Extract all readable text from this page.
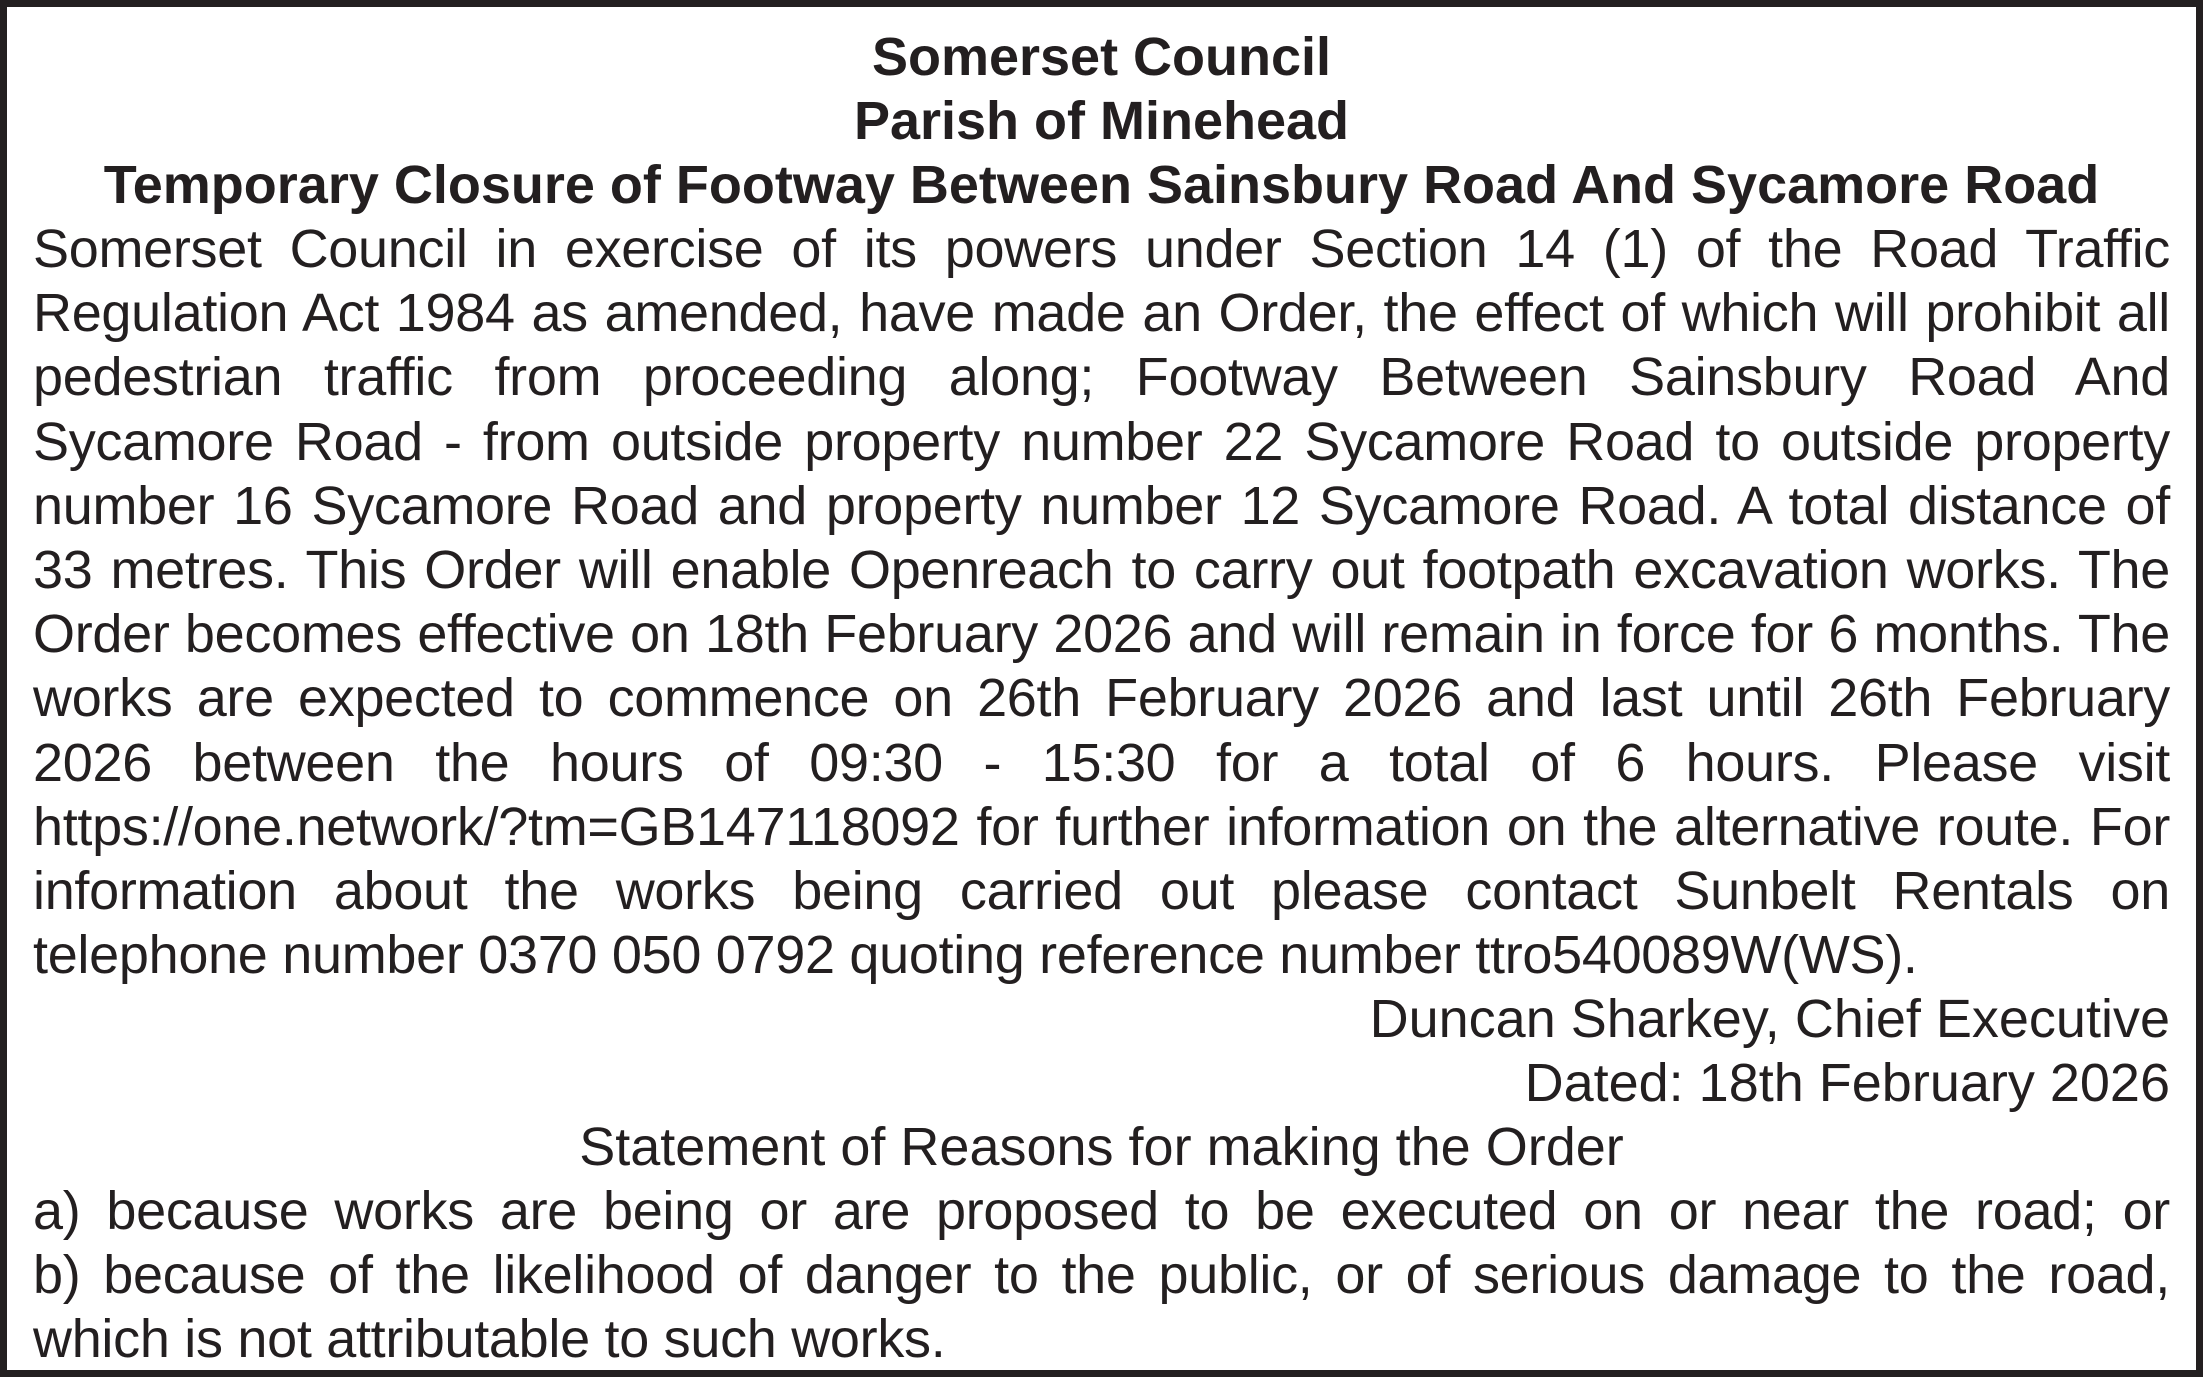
Somerset Council

Parish of Minehead

Temporary Closure of Footway Between Sainsbury Road And Sycamore Road

Somerset Council in exercise of its powers under Section 14 (1) of the Road Traffic Regulation Act 1984 as amended, have made an Order, the effect of which will prohibit all pedestrian traffic from proceeding along; Footway Between Sainsbury Road And Sycamore Road - from outside property number 22 Sycamore Road to outside property number 16 Sycamore Road and property number 12 Sycamore Road. A total distance of 33 metres. This Order will enable Openreach to carry out footpath excavation works. The Order becomes effective on 18th February 2026 and will remain in force for 6 months. The works are expected to commence on 26th February 2026 and last until 26th February 2026 between the hours of 09:30 - 15:30 for a total of 6 hours. Please visit https://one.network/?tm=GB147118092 for further information on the alternative route. For information about the works being carried out please contact Sunbelt Rentals on telephone number 0370 050 0792 quoting reference number ttro540089W(WS).

Duncan Sharkey, Chief Executive

Dated: 18th February 2026

Statement of Reasons for making the Order

a) because works are being or are proposed to be executed on or near the road; or

b) because of the likelihood of danger to the public, or of serious damage to the road, which is not attributable to such works.
